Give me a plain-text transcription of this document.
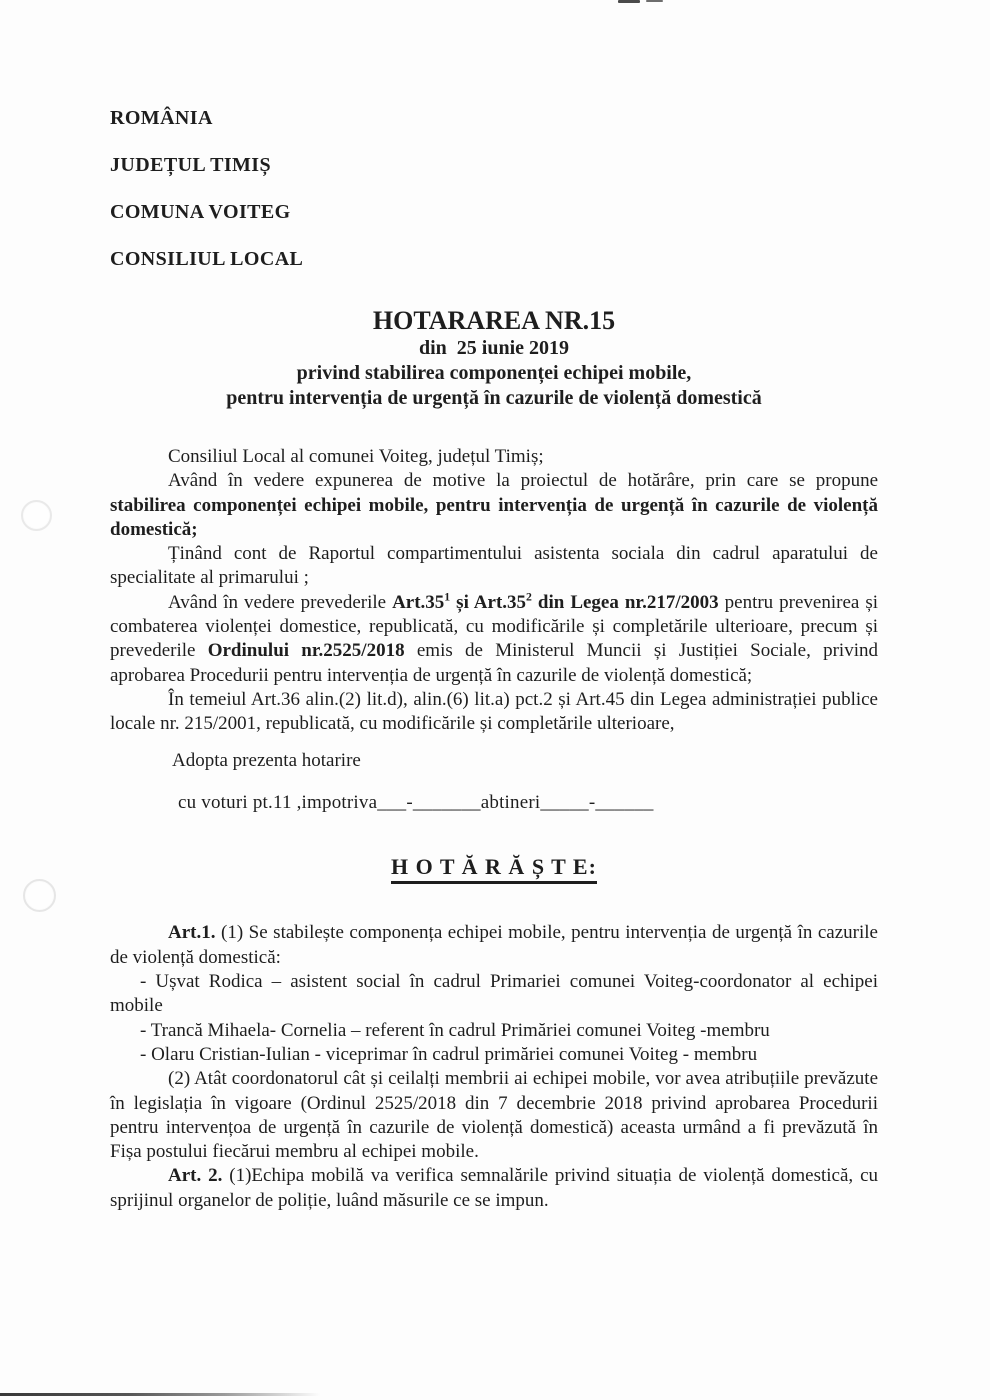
ROMÂNIA

JUDEȚUL TIMIȘ

COMUNA VOITEG

CONSILIUL LOCAL

HOTARAREA NR.15

din  25 iunie 2019

privind stabilirea componenței echipei mobile,

pentru intervenția de urgență în cazurile de violență domestică

Consiliul Local al comunei Voiteg, județul Timiș;

Având în vedere expunerea de motive la proiectul de hotărâre, prin care se propune stabilirea componenței echipei mobile, pentru intervenția de urgență în cazurile de violență domestică;

Ținând cont de Raportul compartimentului asistenta sociala din cadrul aparatului de specialitate al primarului ;

Având în vedere prevederile $Art.35^1$ și $Art.35^2$ din Legea nr.217/2003 pentru prevenirea și combaterea violenței domestice, republicată, cu modificările și completările ulterioare, precum și prevederile Ordinului nr.2525/2018 emis de Ministerul Muncii și Justiției Sociale, privind aprobarea Procedurii pentru intervenția de urgență în cazurile de violență domestică;

În temeiul Art.36 alin.(2) lit.d), alin.(6) lit.a) pct.2 și Art.45 din Legea administrației publice locale nr. 215/2001, republicată, cu modificările și completările ulterioare,

Adopta prezenta hotarire

cu voturi pt.11 ,impotriva___-_______abtineri_____-______

H O T Ă R Ă Ș T E:

Art.1. (1) Se stabilește componența echipei mobile, pentru intervenția de urgență în cazurile de violență domestică:

- Ușvat Rodica – asistent social în cadrul Primariei comunei Voiteg-coordonator al echipei mobile

- Trancă Mihaela- Cornelia – referent în cadrul Primăriei comunei Voiteg -membru

- Olaru Cristian-Iulian - viceprimar în cadrul primăriei comunei Voiteg - membru

(2) Atât coordonatorul cât și ceilalți membrii ai echipei mobile, vor avea atribuțiile prevăzute în legislația în vigoare (Ordinul 2525/2018 din 7 decembrie 2018 privind aprobarea Procedurii pentru intervențoa de urgență în cazurile de violență domestică) aceasta urmând a fi prevăzută în Fișa postului fiecărui membru al echipei mobile.

Art. 2. (1)Echipa mobilă va verifica semnalările privind situația de violență domestică, cu sprijinul organelor de poliție, luând măsurile ce se impun.
